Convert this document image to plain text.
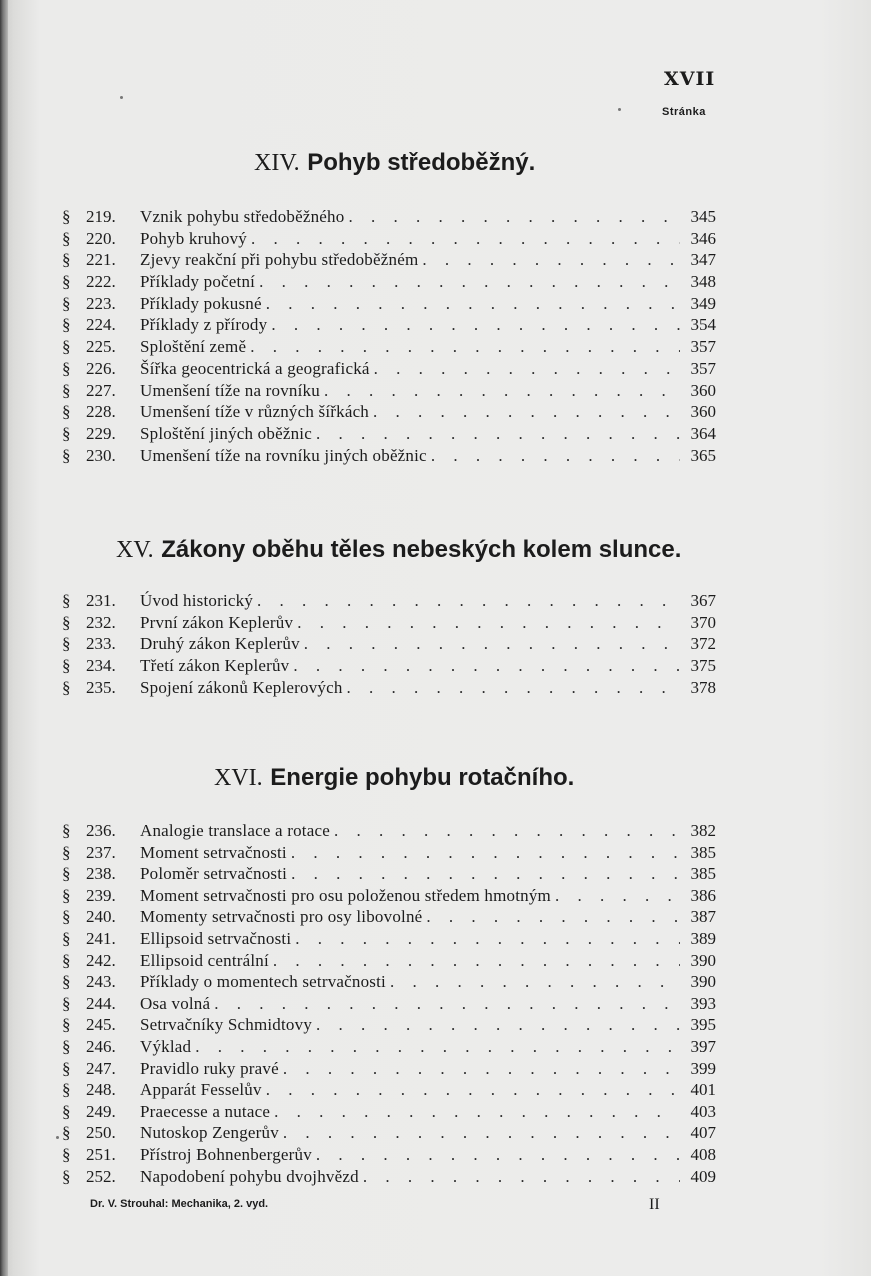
XVII
Stránka
XIV. Pohyb středoběžný.
§ 219.	Vznik pohybu středoběžného . . .	345
§ 220.	Pohyb kruhový . . .	346
§ 221.	Zjevy reakční při pohybu středoběžném . . .	347
§ 222.	Příklady početní . . .	348
§ 223.	Příklady pokusné . . .	349
§ 224.	Příklady z přírody . . .	354
§ 225.	Sploštění země . . .	357
§ 226.	Šířka geocentrická a geografická . . .	357
§ 227.	Umenšení tíže na rovníku . . .	360
§ 228.	Umenšení tíže v různých šířkách . . .	360
§ 229.	Sploštění jiných oběžnic . . .	364
§ 230.	Umenšení tíže na rovníku jiných oběžnic . . .	365
XV. Zákony oběhu těles nebeských kolem slunce.
§ 231.	Úvod historický . . .	367
§ 232.	První zákon Keplerův . . .	370
§ 233.	Druhý zákon Keplerův . . .	372
§ 234.	Třetí zákon Keplerův . . .	375
§ 235.	Spojení zákonů Keplerových . . .	378
XVI. Energie pohybu rotačního.
§ 236.	Analogie translace a rotace . . .	382
§ 237.	Moment setrvačnosti . . .	385
§ 238.	Poloměr setrvačnosti . . .	385
§ 239.	Moment setrvačnosti pro osu položenou středem hmotným . . .	386
§ 240.	Momenty setrvačnosti pro osy libovolné . . .	387
§ 241.	Ellipsoid setrvačnosti . . .	389
§ 242.	Ellipsoid centrální . . .	390
§ 243.	Příklady o momentech setrvačnosti . . .	390
§ 244.	Osa volná . . .	393
§ 245.	Setrvačníky Schmidtovy . . .	395
§ 246.	Výklad . . .	397
§ 247.	Pravidlo ruky pravé . . .	399
§ 248.	Apparát Fesselův . . .	401
§ 249.	Praecesse a nutace . . .	403
§ 250.	Nutoskop Zengerův . . .	407
§ 251.	Přístroj Bohnenbergerův . . .	408
§ 252.	Napodobení pohybu dvojhvězd . . .	409
Dr. V. Strouhal: Mechanika, 2. vyd.	II
